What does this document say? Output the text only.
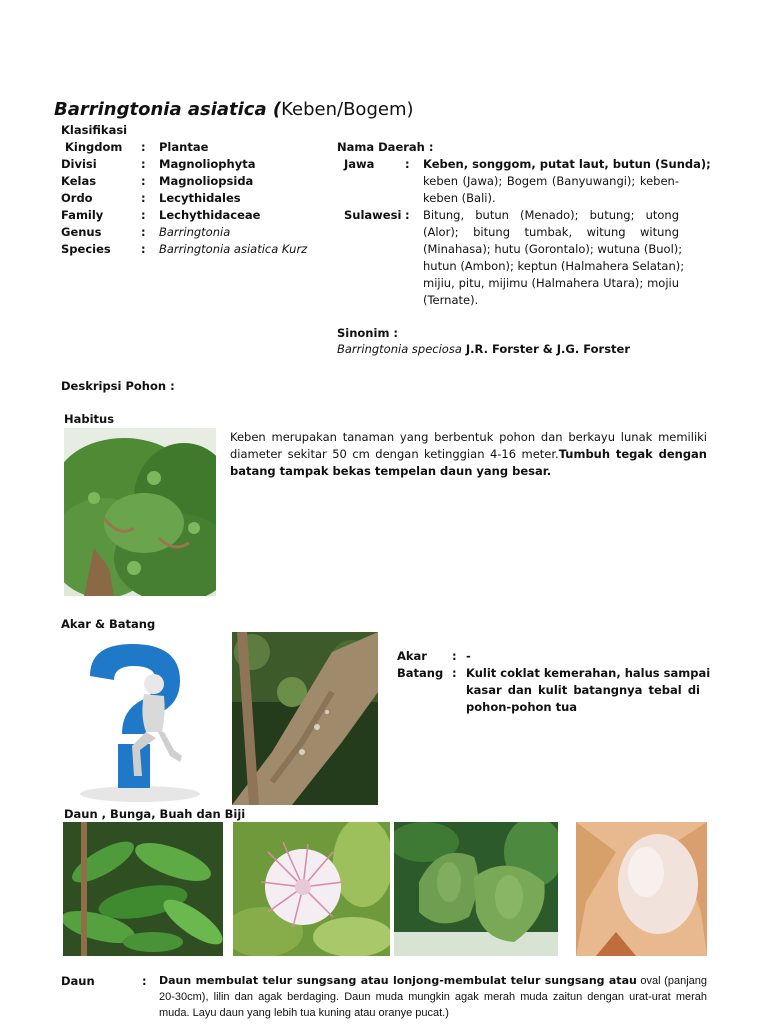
Barringtonia asiatica (Keben/Bogem)
Klasifikasi
Kingdom : Plantae
Divisi	: Magnoliophyta
Kelas	: Magnoliopsida
Ordo	: Lecythidales
Family	: Lechythidaceae
Genus	: Barringtonia
Species	: Barringtonia asiatica Kurz
Nama Daerah :
Jawa	: Keben, songgom, putat laut, butun (Sunda);
keben (Jawa); Bogem (Banyuwangi); keben-
keben (Bali).
Sulawesi : Bitung, butun (Menado); butung; utong
(Alor); bitung tumbak, witung witung
(Minahasa); hutu (Gorontalo); wutuna (Buol);
hutun (Ambon); keptun (Halmahera Selatan);
mijiu, pitu, mijimu (Halmahera Utara); mojiu
(Ternate).
Sinonim :
Barringtonia speciosa J.R. Forster & J.G. Forster
Deskripsi Pohon :
Habitus
Keben merupakan tanaman yang berbentuk pohon dan berkayu lunak memiliki diameter sekitar 50 cm dengan ketinggian 4-16 meter.Tumbuh tegak dengan batang tampak bekas tempelan daun yang besar.
Akar & Batang
Akar : -
Batang : Kulit coklat kemerahan, halus sampai
kasar dan kulit batangnya tebal di
pohon-pohon tua
Daun , Bunga, Buah dan Biji
Daun	: Daun membulat telur sungsang atau lonjong-membulat telur sungsang atau oval (panjang 20-30cm), lilin dan agak berdaging. Daun muda mungkin agak merah muda zaitun dengan urat-urat merah muda. Layu daun yang lebih tua kuning atau oranye pucat.)
